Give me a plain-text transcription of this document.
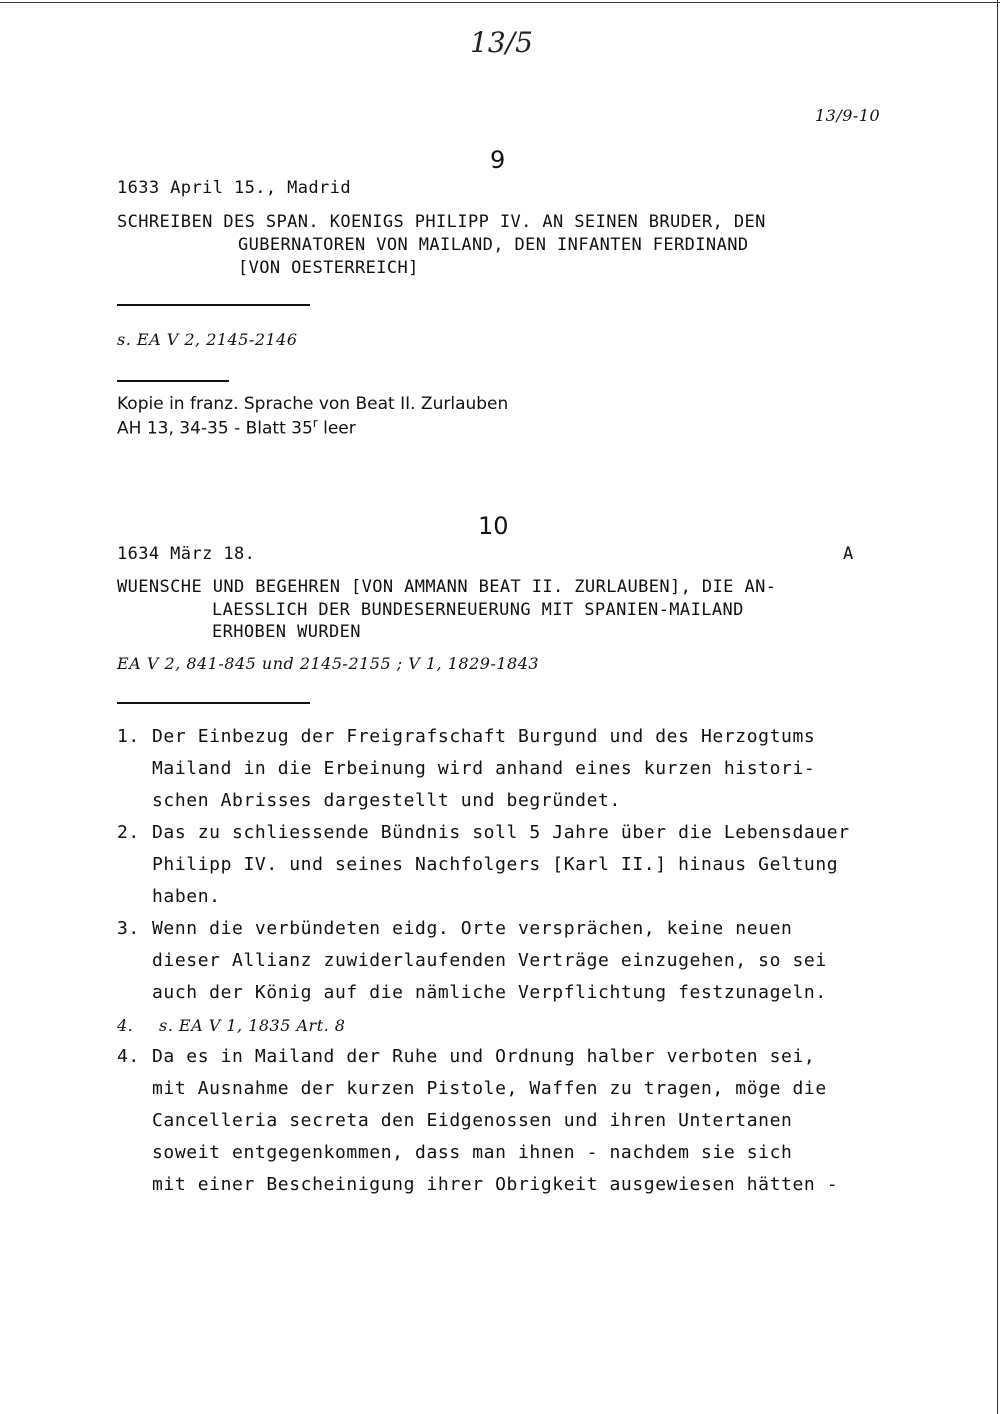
13/5
13/9-10
9
1633 April 15., Madrid
SCHREIBEN DES SPAN. KOENIGS PHILIPP IV. AN SEINEN BRUDER, DEN
GUBERNATOREN VON MAILAND, DEN INFANTEN FERDINAND
[VON OESTERREICH]
s. EA V 2, 2145-2146
Kopie in franz. Sprache von Beat II. Zurlauben
AH 13, 34-35 - Blatt 35$^r$ leer
10
1634 März 18.	A
WUENSCHE UND BEGEHREN [VON AMMANN BEAT II. ZURLAUBEN], DIE AN-
LAESSLICH DER BUNDESERNEUERUNG MIT SPANIEN-MAILAND
ERHOBEN WURDEN
EA V 2, 841-845 und 2145-2155 ; V 1, 1829-1843
1. Der Einbezug der Freigrafschaft Burgund und des Herzogtums
Mailand in die Erbeinung wird anhand eines kurzen histori-
schen Abrisses dargestellt und begründet.
2. Das zu schliessende Bündnis soll 5 Jahre über die Lebensdauer
Philipp IV. und seines Nachfolgers [Karl II.] hinaus Geltung
haben.
3. Wenn die verbündeten eidg. Orte versprächen, keine neuen
dieser Allianz zuwiderlaufenden Verträge einzugehen, so sei
auch der König auf die nämliche Verpflichtung festzunageln.
4. s. EA V 1, 1835 Art. 8
4. Da es in Mailand der Ruhe und Ordnung halber verboten sei,
mit Ausnahme der kurzen Pistole, Waffen zu tragen, möge die
Cancelleria secreta den Eidgenossen und ihren Untertanen
soweit entgegenkommen, dass man ihnen - nachdem sie sich
mit einer Bescheinigung ihrer Obrigkeit ausgewiesen hätten -
